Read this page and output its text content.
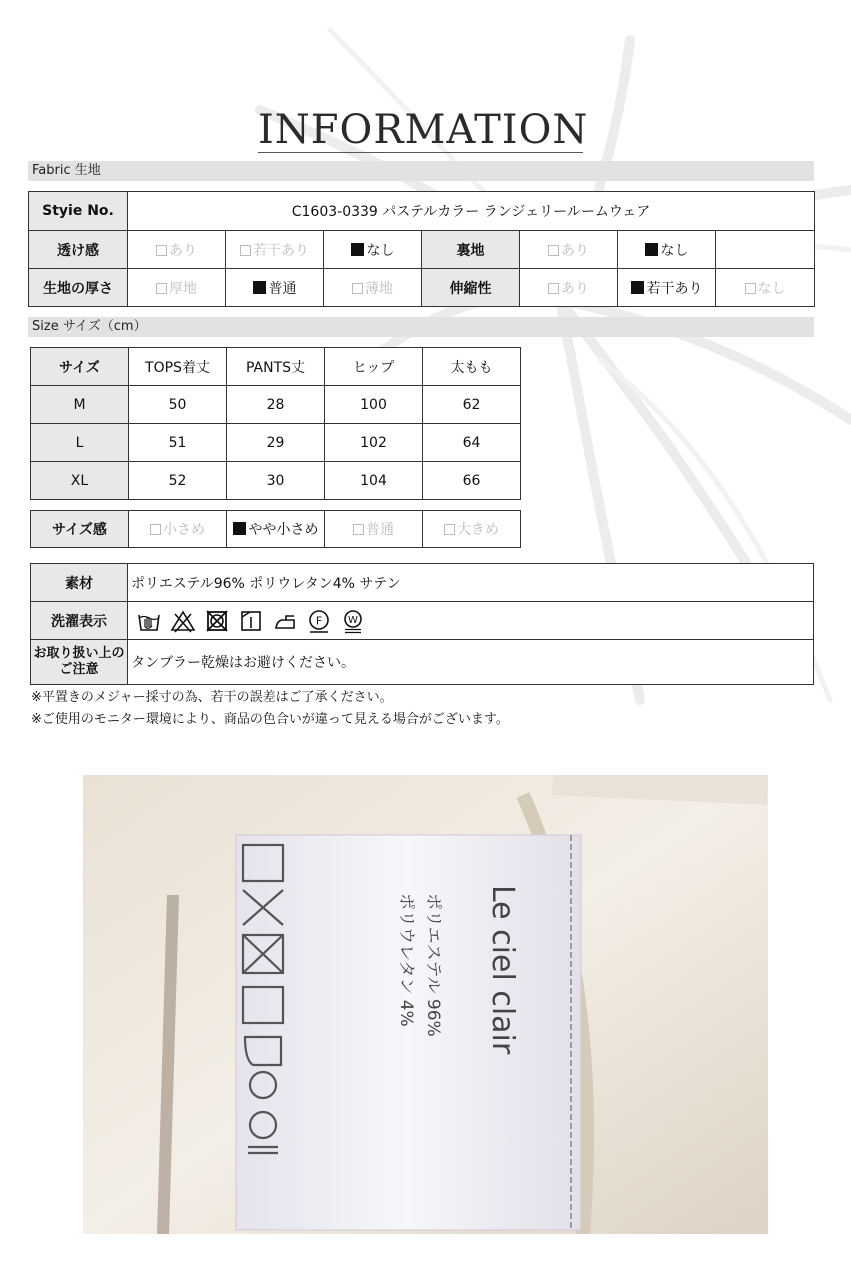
INFORMATION
Fabric 生地
Styie No.	C1603-0339 パステルカラー ランジェリールームウェア						
透け感	あり	若干あり	なし	裏地	あり	なし	
生地の厚さ	厚地	普通	薄地	伸縮性	あり	若干あり	なし
Size サイズ（cm）
サイズ	TOPS着丈	PANTS丈	ヒップ	太もも
M	50	28	100	62
L	51	29	102	64
XL	52	30	104	66
サイズ感	小さめ	やや小さめ	普通	大きめ
素材	ポリエステル96% ポリウレタン4% サテン
洗濯表示	F W

お取り扱い上のご注意	タンブラー乾燥はお避けください。
※平置きのメジャー採寸の為、若干の誤差はご了承ください。
※ご使用のモニター環境により、商品の色合いが違って見える場合がございます。
Le ciel clair
ポリエステル 96%
ポリウレタン 4%
